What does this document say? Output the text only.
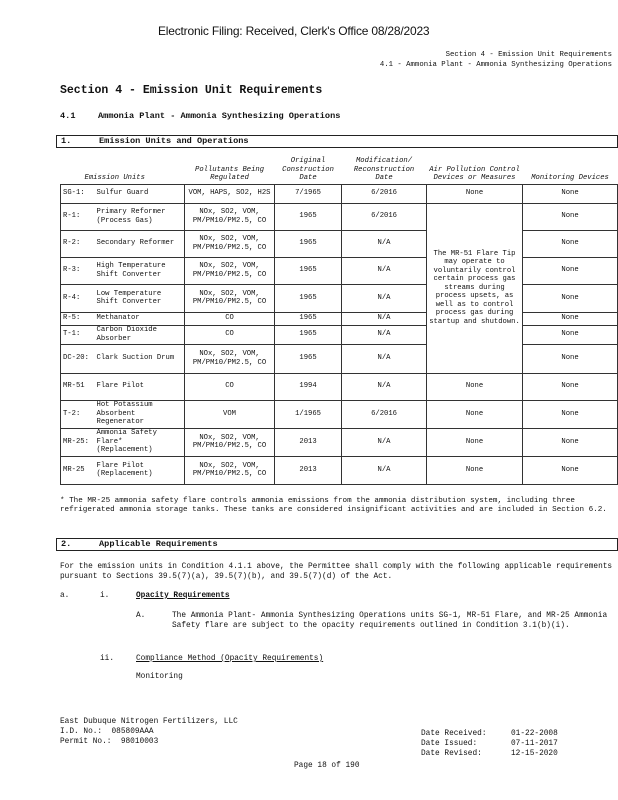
Electronic Filing: Received, Clerk's Office 08/28/2023
Section 4 - Emission Unit Requirements
4.1 - Ammonia Plant - Ammonia Synthesizing Operations
Section 4 - Emission Unit Requirements
4.1	Ammonia Plant - Ammonia Synthesizing Operations
1.	Emission Units and Operations
Emission Units		Pollutants Being Regulated	Original Construction Date	Modification/ Reconstruction Date	Air Pollution Control Devices or Measures	Monitoring Devices
SG-1:	Sulfur Guard	VOM, HAPS, SO2, H2S	7/1965	6/2016	None	None
R-1:	Primary Reformer (Process Gas)	NOx, SO2, VOM, PM/PM10/PM2.5, CO	1965	6/2016	The MR-51 Flare Tip may operate to voluntarily control certain process gas streams during process upsets, as well as to control process gas during startup and shutdown.	None
R-2:	Secondary Reformer	NOx, SO2, VOM, PM/PM10/PM2.5, CO	1965	N/A		None
R-3:	High Temperature Shift Converter	NOx, SO2, VOM, PM/PM10/PM2.5, CO	1965	N/A		None
R-4:	Low Temperature Shift Converter	NOx, SO2, VOM, PM/PM10/PM2.5, CO	1965	N/A		None
R-5:	Methanator	CO	1965	N/A		None
T-1:	Carbon Dioxide Absorber	CO	1965	N/A		None
DC-20:	Clark Suction Drum	NOx, SO2, VOM, PM/PM10/PM2.5, CO	1965	N/A		None
MR-51	Flare Pilot	CO	1994	N/A	None	None
T-2:	Hot Potassium Absorbent Regenerator	VOM	1/1965	6/2016	None	None
MR-25:	Ammonia Safety Flare* (Replacement)	NOx, SO2, VOM, PM/PM10/PM2.5, CO	2013	N/A	None	None
MR-25	Flare Pilot (Replacement)	NOx, SO2, VOM, PM/PM10/PM2.5, CO	2013	N/A	None	None
* The MR-25 ammonia safety flare controls ammonia emissions from the ammonia distribution system, including three refrigerated ammonia storage tanks. These tanks are considered insignificant activities and are included in Section 6.2.
2.	Applicable Requirements
For the emission units in Condition 4.1.1 above, the Permittee shall comply with the following applicable requirements pursuant to Sections 39.5(7)(a), 39.5(7)(b), and 39.5(7)(d) of the Act.
a.	i.	Opacity Requirements
A.	The Ammonia Plant- Ammonia Synthesizing Operations units SG-1, MR-51 Flare, and MR-25 Ammonia Safety flare are subject to the opacity requirements outlined in Condition 3.1(b)(i).
ii.	Compliance Method (Opacity Requirements)
Monitoring
East Dubuque Nitrogen Fertilizers, LLC
I.D. No.: 085809AAA
Permit No.: 98010003
Date Received:	01-22-2008
Date Issued:	07-11-2017
Date Revised:	12-15-2020
Page 18 of 190
